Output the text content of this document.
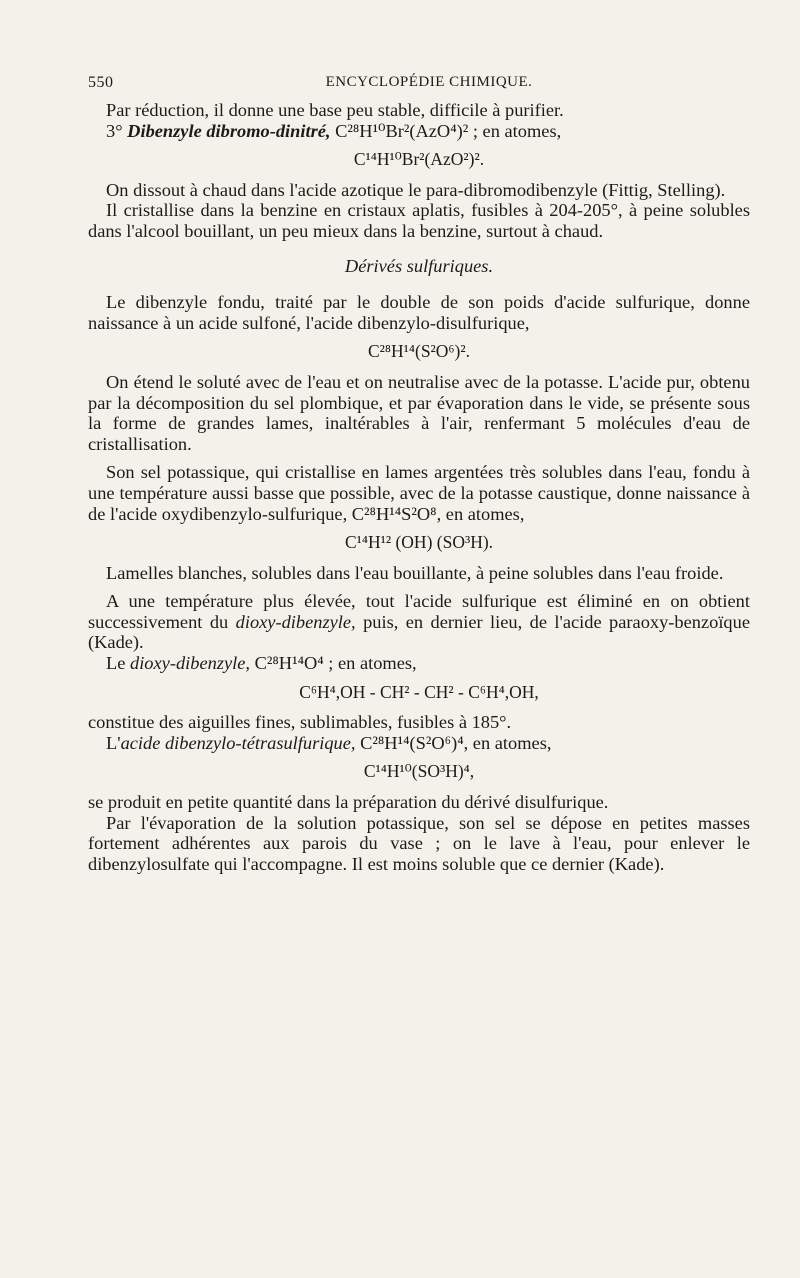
550	ENCYCLOPÉDIE CHIMIQUE.

Par réduction, il donne une base peu stable, difficile à purifier.

3° Dibenzyle dibromo-dinitré, C²⁸H¹⁰Br²(AzO⁴)² ; en atomes,

C¹⁴H¹⁰Br²(AzO²)².

On dissout à chaud dans l'acide azotique le para-dibromodibenzyle (Fittig, Stelling).

Il cristallise dans la benzine en cristaux aplatis, fusibles à 204-205°, à peine solubles dans l'alcool bouillant, un peu mieux dans la benzine, surtout à chaud.

Dérivés sulfuriques.

Le dibenzyle fondu, traité par le double de son poids d'acide sulfurique, donne naissance à un acide sulfoné, l'acide dibenzylo-disulfurique,

C²⁸H¹⁴(S²O⁶)².

On étend le soluté avec de l'eau et on neutralise avec de la potasse. L'acide pur, obtenu par la décomposition du sel plombique, et par évaporation dans le vide, se présente sous la forme de grandes lames, inaltérables à l'air, renfermant 5 molécules d'eau de cristallisation.

Son sel potassique, qui cristallise en lames argentées très solubles dans l'eau, fondu à une température aussi basse que possible, avec de la potasse caustique, donne naissance à de l'acide oxydibenzylo-sulfurique, C²⁸H¹⁴S²O⁸, en atomes,

C¹⁴H¹² (OH) (SO³H).

Lamelles blanches, solubles dans l'eau bouillante, à peine solubles dans l'eau froide.

A une température plus élevée, tout l'acide sulfurique est éliminé en on obtient successivement du dioxy-dibenzyle, puis, en dernier lieu, de l'acide paraoxy-benzoïque (Kade).

Le dioxy-dibenzyle, C²⁸H¹⁴O⁴ ; en atomes,

C⁶H⁴,OH - CH² - CH² - C⁶H⁴,OH,

constitue des aiguilles fines, sublimables, fusibles à 185°.

L'acide dibenzylo-tétrasulfurique, C²⁸H¹⁴(S²O⁶)⁴, en atomes,

C¹⁴H¹⁰(SO³H)⁴,

se produit en petite quantité dans la préparation du dérivé disulfurique.

Par l'évaporation de la solution potassique, son sel se dépose en petites masses fortement adhérentes aux parois du vase ; on le lave à l'eau, pour enlever le dibenzylosulfate qui l'accompagne. Il est moins soluble que ce dernier (Kade).
